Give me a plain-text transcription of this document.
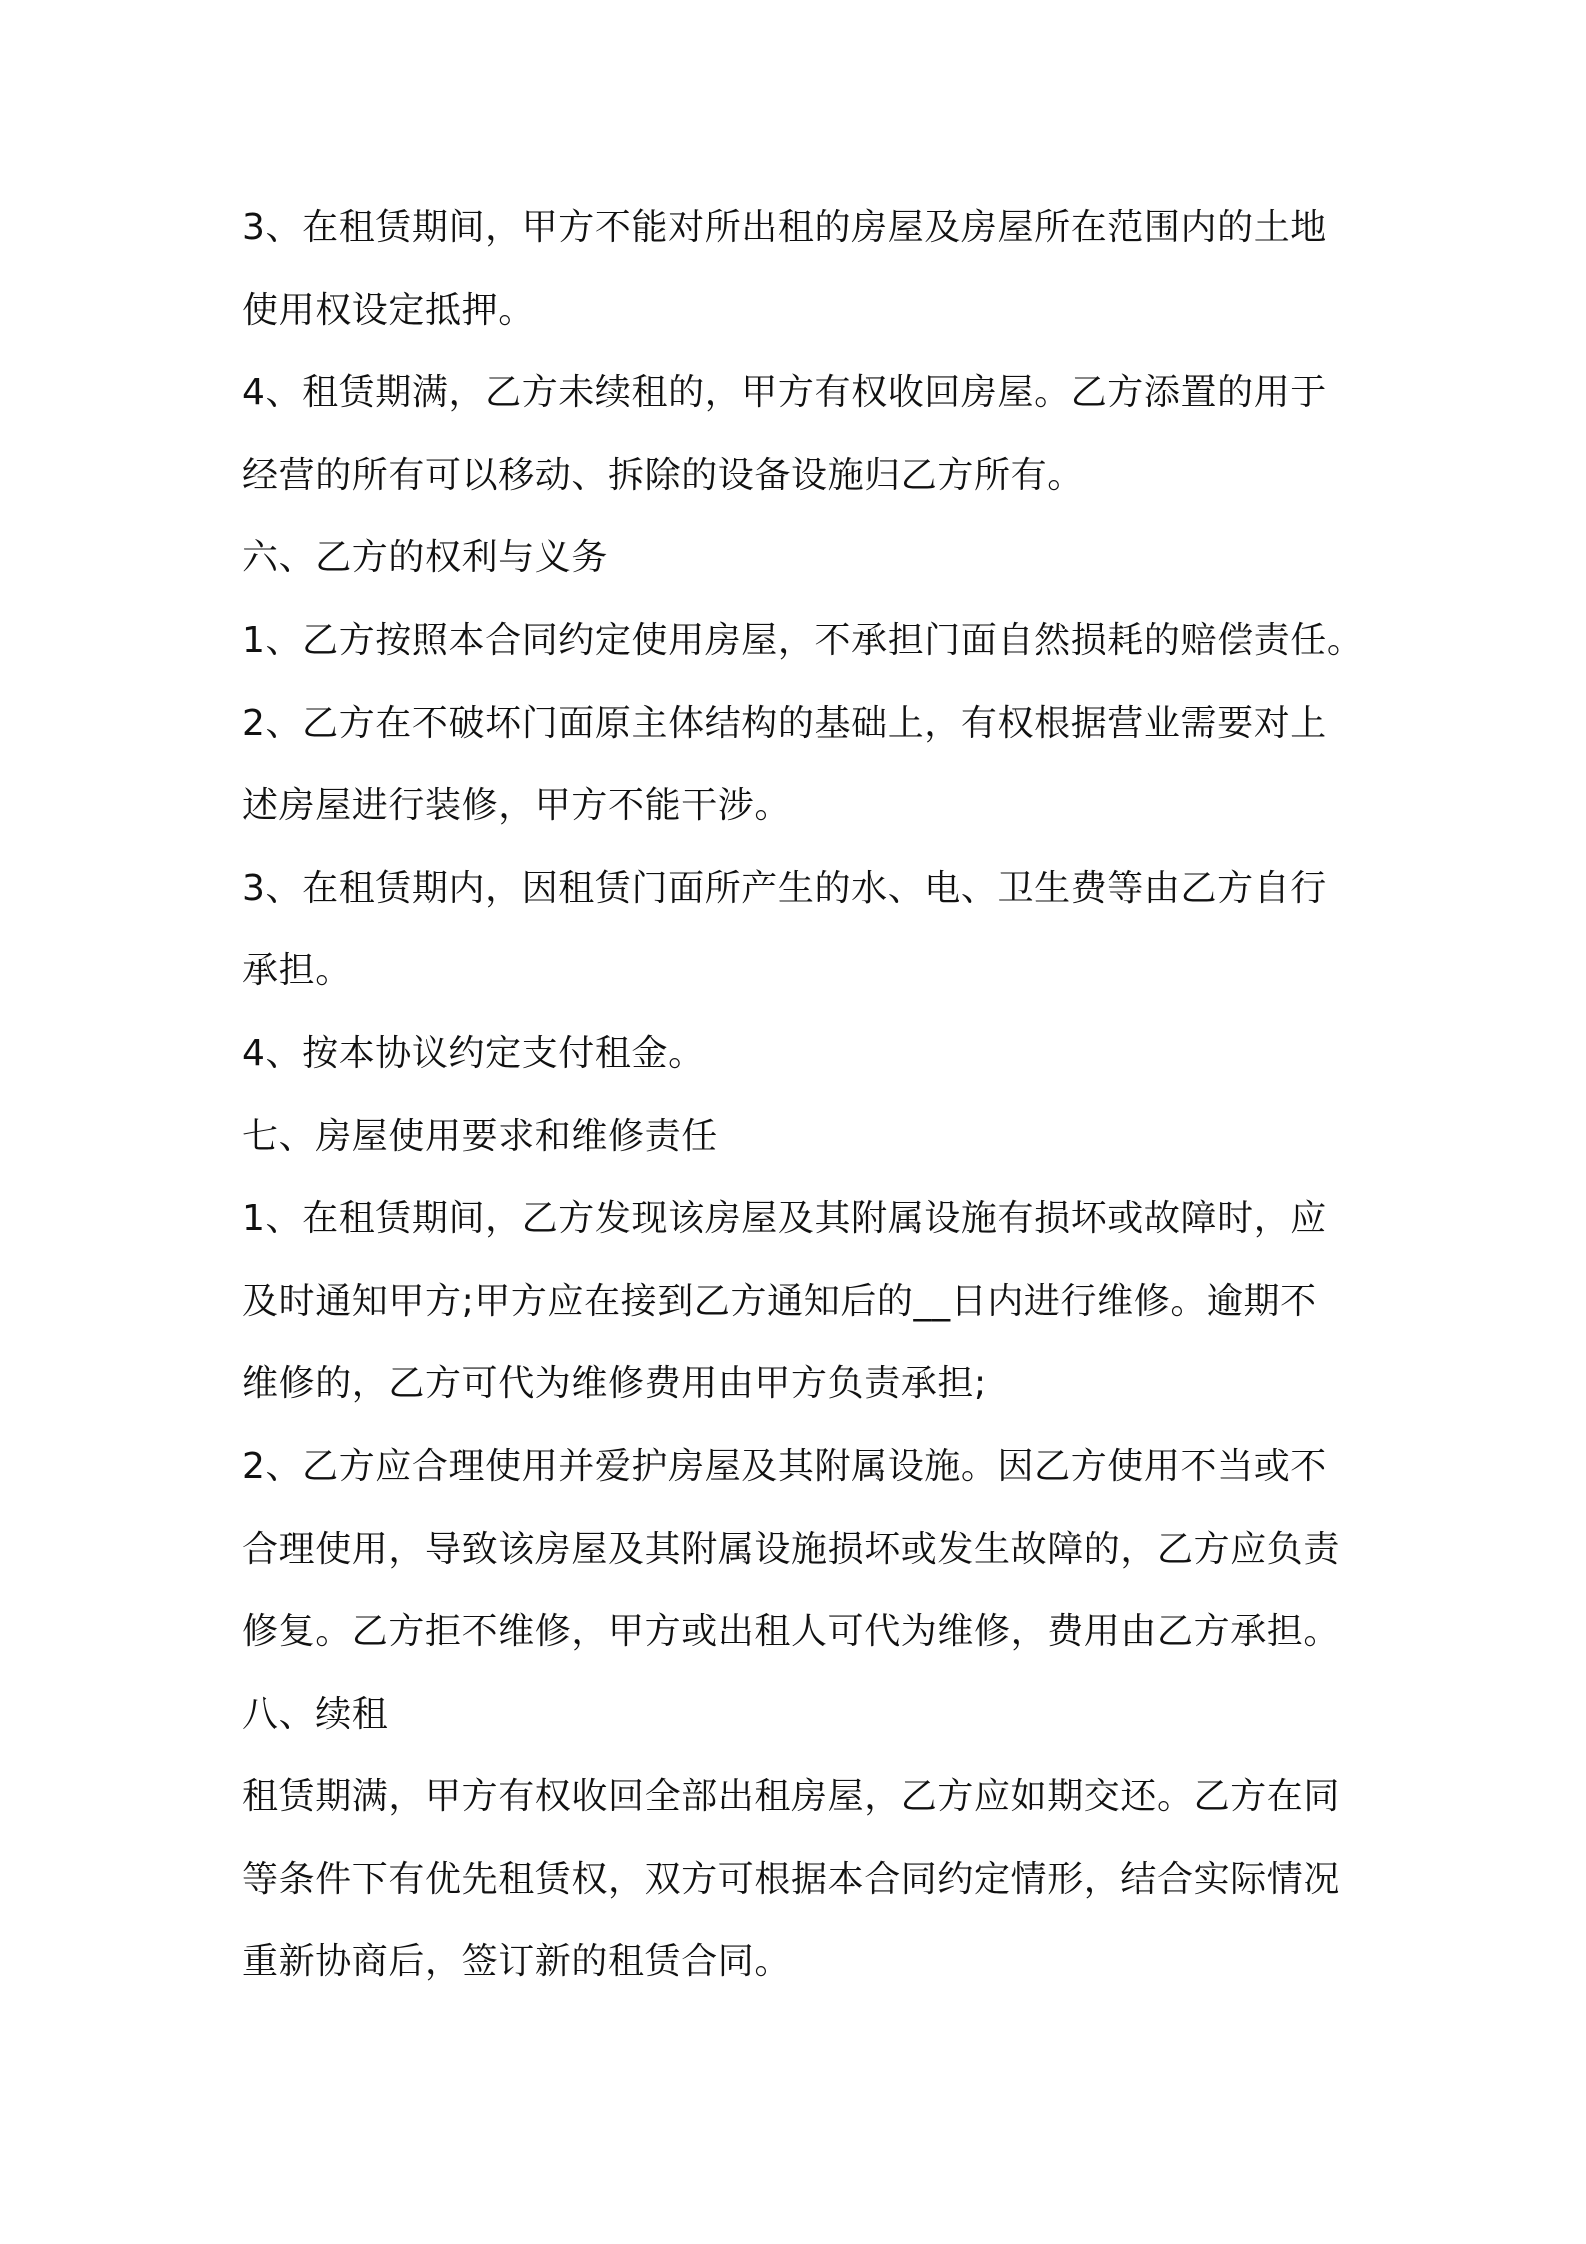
3、在租赁期间，甲方不能对所出租的房屋及房屋所在范围内的土地
使用权设定抵押。
4、租赁期满，乙方未续租的，甲方有权收回房屋。乙方添置的用于
经营的所有可以移动、拆除的设备设施归乙方所有。
六、乙方的权利与义务
1、乙方按照本合同约定使用房屋，不承担门面自然损耗的赔偿责任。
2、乙方在不破坏门面原主体结构的基础上，有权根据营业需要对上
述房屋进行装修，甲方不能干涉。
3、在租赁期内，因租赁门面所产生的水、电、卫生费等由乙方自行
承担。
4、按本协议约定支付租金。
七、房屋使用要求和维修责任
1、在租赁期间，乙方发现该房屋及其附属设施有损坏或故障时，应
及时通知甲方;甲方应在接到乙方通知后的__日内进行维修。逾期不
维修的，乙方可代为维修费用由甲方负责承担;
2、乙方应合理使用并爱护房屋及其附属设施。因乙方使用不当或不
合理使用，导致该房屋及其附属设施损坏或发生故障的，乙方应负责
修复。乙方拒不维修，甲方或出租人可代为维修，费用由乙方承担。
八、续租
租赁期满，甲方有权收回全部出租房屋，乙方应如期交还。乙方在同
等条件下有优先租赁权，双方可根据本合同约定情形，结合实际情况
重新协商后，签订新的租赁合同。
